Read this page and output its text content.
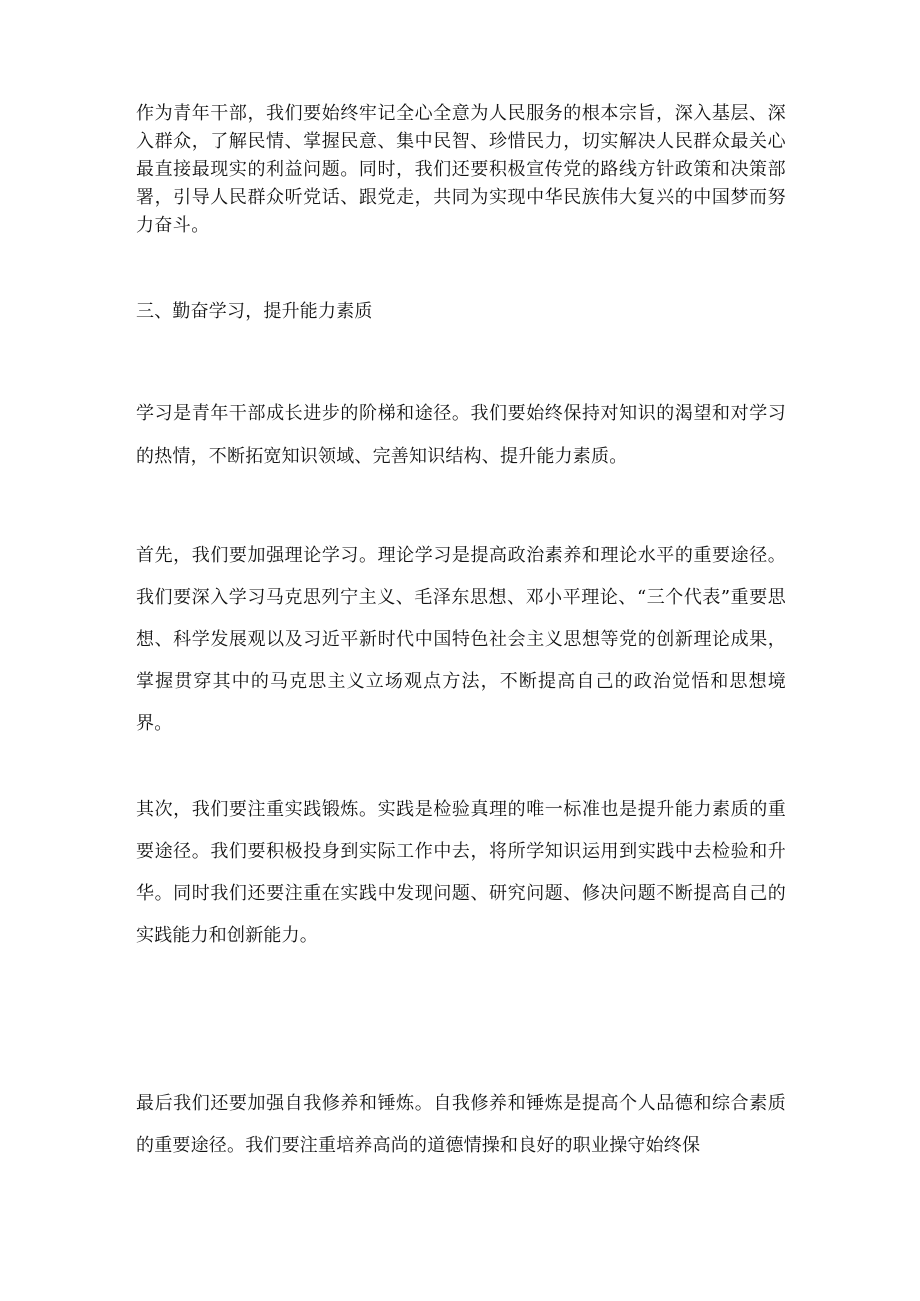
作为青年干部，我们要始终牢记全心全意为人民服务的根本宗旨，深入基层、深入群众，了解民情、掌握民意、集中民智、珍惜民力，切实解决人民群众最关心最直接最现实的利益问题。同时，我们还要积极宣传党的路线方针政策和决策部署，引导人民群众听党话、跟党走，共同为实现中华民族伟大复兴的中国梦而努力奋斗。

三、勤奋学习，提升能力素质

学习是青年干部成长进步的阶梯和途径。我们要始终保持对知识的渴望和对学习的热情，不断拓宽知识领域、完善知识结构、提升能力素质。

首先，我们要加强理论学习。理论学习是提高政治素养和理论水平的重要途径。我们要深入学习马克思列宁主义、毛泽东思想、邓小平理论、“三个代表”重要思想、科学发展观以及习近平新时代中国特色社会主义思想等党的创新理论成果，掌握贯穿其中的马克思主义立场观点方法，不断提高自己的政治觉悟和思想境界。

其次，我们要注重实践锻炼。实践是检验真理的唯一标准也是提升能力素质的重要途径。我们要积极投身到实际工作中去，将所学知识运用到实践中去检验和升华。同时我们还要注重在实践中发现问题、研究问题、修决问题不断提高自己的实践能力和创新能力。

最后我们还要加强自我修养和锤炼。自我修养和锤炼是提高个人品德和综合素质的重要途径。我们要注重培养高尚的道德情操和良好的职业操守始终保
